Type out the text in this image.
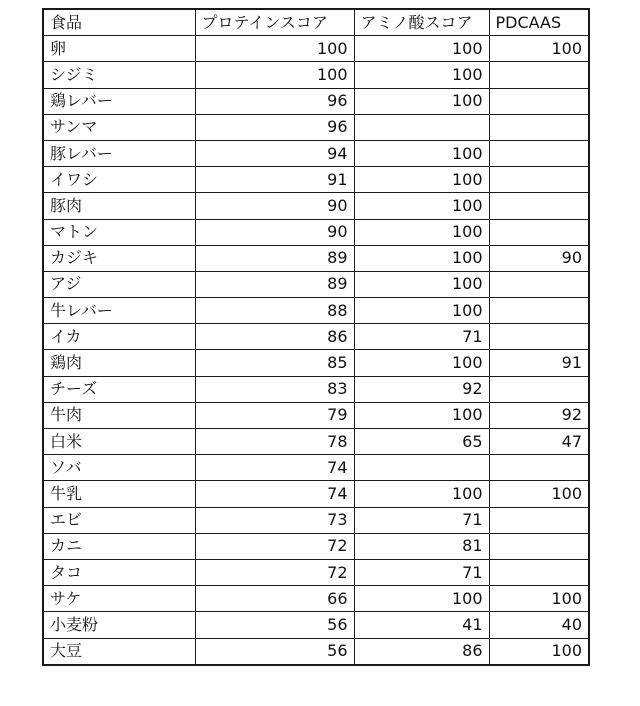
食品	プロテインスコア	アミノ酸スコア	PDCAAS
卵	100	100	100
シジミ	100	100	
鶏レバー	96	100	
サンマ	96		
豚レバー	94	100	
イワシ	91	100	
豚肉	90	100	
マトン	90	100	
カジキ	89	100	90
アジ	89	100	
牛レバー	88	100	
イカ	86	71	
鶏肉	85	100	91
チーズ	83	92	
牛肉	79	100	92
白米	78	65	47
ソバ	74		
牛乳	74	100	100
エビ	73	71	
カニ	72	81	
タコ	72	71	
サケ	66	100	100
小麦粉	56	41	40
大豆	56	86	100
